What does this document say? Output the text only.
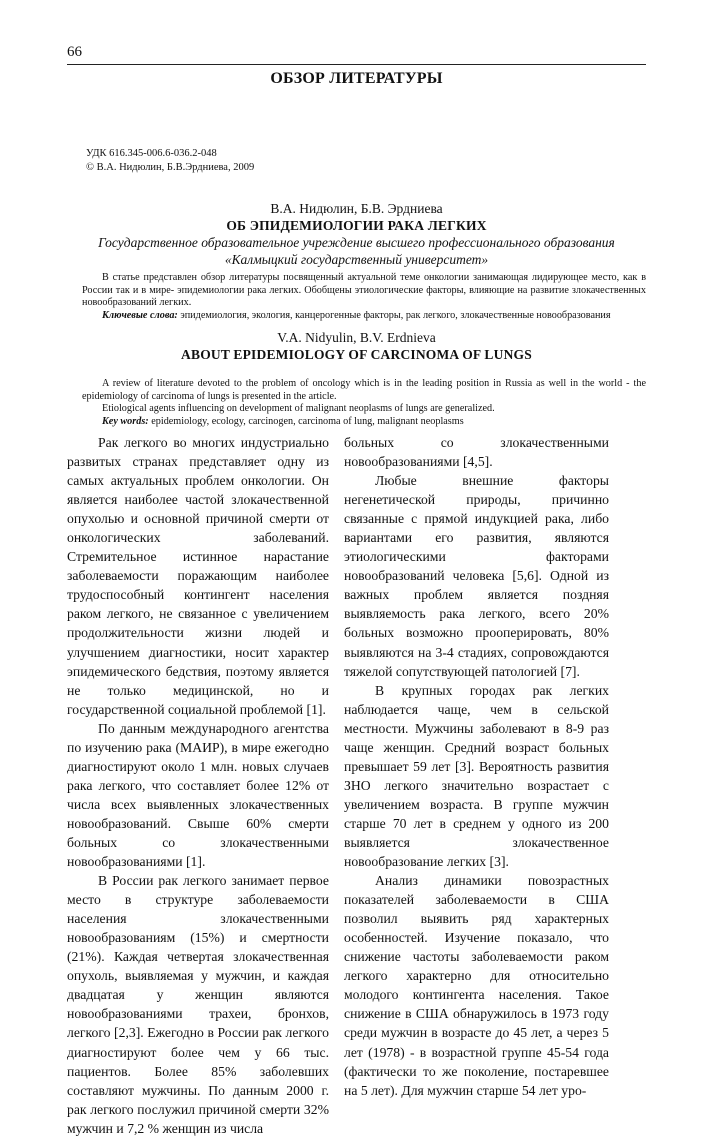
66
ОБЗОР ЛИТЕРАТУРЫ
УДК 616.345-006.6-036.2-048
© В.А. Нидюлин, Б.В.Эрдниева, 2009
В.А. Нидюлин, Б.В. Эрдниева
ОБ ЭПИДЕМИОЛОГИИ РАКА ЛЕГКИХ
Государственное образовательное учреждение высшего профессионального образования
«Калмыцкий государственный университет»

В статье представлен обзор литературы посвященный актуальной теме онкологии занимающая лидирующее место, как в России так и в мире- эпидемиологии рака легких. Обобщены этиологические факторы, влияющие на развитие злокачественных новообразований легких.

Ключевые слова: эпидемиология, экология, канцерогенные факторы, рак легкого, злокачественные новообразования
V.A. Nidyulin, B.V. Erdnieva
ABOUT EPIDEMIOLOGY OF CARCINOMA OF LUNGS

A review of literature devoted to the problem of oncology which is in the leading position in Russia as well in the world - the epidemiology of carcinoma of lungs is presented in the article.

Etiological agents influencing on development of malignant neoplasms of lungs are generalized.

Key words: epidemiology, ecology, carcinogen, carcinoma of lung, malignant neoplasms

Рак легкого во многих индустриально развитых странах представляет одну из самых актуальных проблем онкологии. Он является наиболее частой злокачественной опухолью и основной причиной смерти от онкологических заболеваний. Стремительное истинное нарастание заболеваемости поражающим наиболее трудоспособный контингент населения раком легкого, не связанное с увеличением продолжительности жизни людей и улучшением диагностики, носит характер эпидемического бедствия, поэтому является не только медицинской, но и государственной социальной проблемой [1].

По данным международного агентства по изучению рака (МАИР), в мире ежегодно диагностируют около 1 млн. новых случаев рака легкого, что составляет более 12% от числа всех выявленных злокачественных новообразований. Свыше 60% смерти больных со злокачественными новообразованиями [1].

В России рак легкого занимает первое место в структуре заболеваемости населения злокачественными новообразованиям (15%) и смертности (21%). Каждая четвертая злокачественная опухоль, выявляемая у мужчин, и каждая двадцатая у женщин являются новообразованиями трахеи, бронхов, легкого [2,3]. Ежегодно в России рак легкого диагностируют более чем у 66 тыс. пациентов. Более 85% заболевших составляют мужчины. По данным 2000 г. рак легкого послужил причиной смерти 32% мужчин и 7,2 % женщин из числа

больных со злокачественными новообразованиями [4,5].

Любые внешние факторы негенетической природы, причинно связанные с прямой индукцией рака, либо вариантами его развития, являются этиологическими факторами новообразований человека [5,6]. Одной из важных проблем является поздняя выявляемость рака легкого, всего 20% больных возможно прооперировать, 80% выявляются на 3-4 стадиях, сопровождаются тяжелой сопутствующей патологией [7].

В крупных городах рак легких наблюдается чаще, чем в сельской местности. Мужчины заболевают в 8-9 раз чаще женщин. Средний возраст больных превышает 59 лет [3]. Вероятность развития ЗНО легкого значительно возрастает с увеличением возраста. В группе мужчин старше 70 лет в среднем у одного из 200 выявляется злокачественное новообразование легких [3].

Анализ динамики повозрастных показателей заболеваемости в США позволил выявить ряд характерных особенностей. Изучение показало, что снижение частоты заболеваемости раком легкого характерно для относительно молодого контингента населения. Такое снижение в США обнаружилось в 1973 году среди мужчин в возрасте до 45 лет, а через 5 лет (1978) - в возрастной группе 45-54 года (фактически то же поколение, постаревшее на 5 лет). Для мужчин старше 54 лет уро-
